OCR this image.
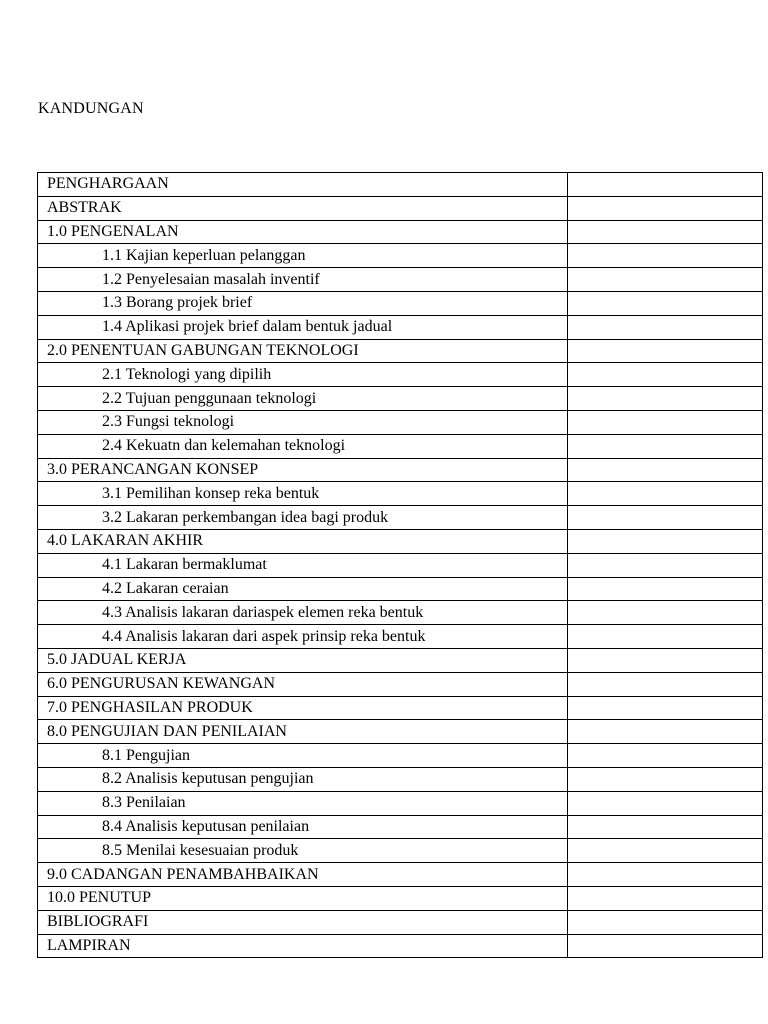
KANDUNGAN
PENGHARGAAN	
ABSTRAK	
1.0 PENGENALAN	
1.1 Kajian keperluan pelanggan	
1.2 Penyelesaian masalah inventif	
1.3 Borang projek brief	
1.4 Aplikasi projek brief dalam bentuk jadual	
2.0 PENENTUAN GABUNGAN TEKNOLOGI	
2.1 Teknologi yang dipilih	
2.2 Tujuan penggunaan teknologi	
2.3 Fungsi teknologi	
2.4 Kekuatn dan kelemahan teknologi	
3.0 PERANCANGAN KONSEP	
3.1 Pemilihan konsep reka bentuk	
3.2 Lakaran perkembangan idea bagi produk	
4.0 LAKARAN AKHIR	
4.1 Lakaran bermaklumat	
4.2 Lakaran ceraian	
4.3 Analisis lakaran dariaspek elemen reka bentuk	
4.4 Analisis lakaran dari aspek prinsip reka bentuk	
5.0 JADUAL KERJA	
6.0 PENGURUSAN KEWANGAN	
7.0 PENGHASILAN PRODUK	
8.0 PENGUJIAN DAN PENILAIAN	
8.1 Pengujian	
8.2 Analisis keputusan pengujian	
8.3 Penilaian	
8.4 Analisis keputusan penilaian	
8.5 Menilai kesesuaian produk	
9.0 CADANGAN PENAMBAHBAIKAN	
10.0 PENUTUP	
BIBLIOGRAFI	
LAMPIRAN	
